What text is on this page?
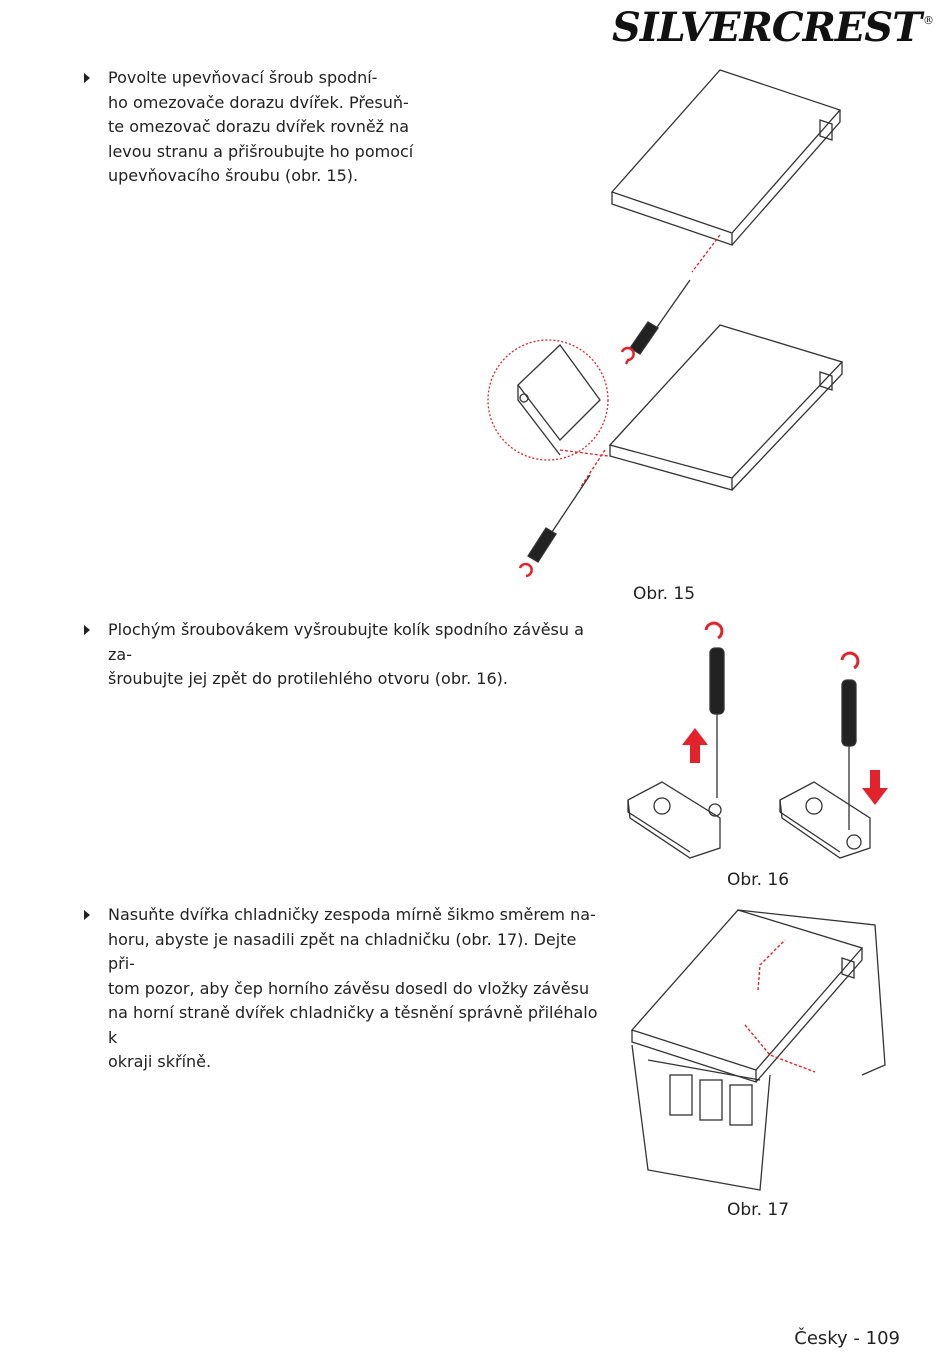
SILVERCREST ®
Povolte upevňovací šroub spodní-
ho omezovače dorazu dvířek. Přesuň-
te omezovač dorazu dvířek rovněž na
levou stranu a přišroubujte ho pomocí
upevňovacího šroubu (obr. 15).
Plochým šroubovákem vyšroubujte kolík spodního závěsu a za-
šroubujte jej zpět do protilehlého otvoru (obr. 16).
Nasuňte dvířka chladničky zespoda mírně šikmo směrem na-
horu, abyste je nasadili zpět na chladničku (obr. 17). Dejte při-
tom pozor, aby čep horního závěsu dosedl do vložky závěsu
na horní straně dvířek chladničky a těsnění správně přiléhalo k
okraji skříně.
Obr. 15
Obr. 16
Obr. 17
Česky - 109
